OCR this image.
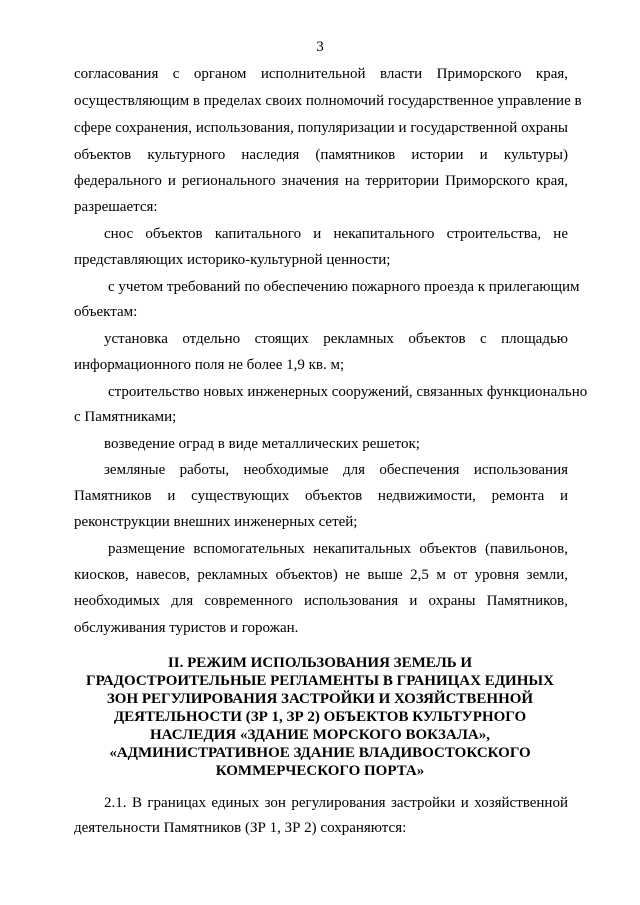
3
согласования с органом исполнительной власти Приморского края,
осуществляющим в пределах своих полномочий государственное управление в
сфере сохранения, использования, популяризации и государственной охраны
объектов культурного наследия (памятников истории и культуры)
федерального и регионального значения на территории Приморского края,
разрешается:
снос объектов капитального и некапитального строительства, не
представляющих историко-культурной ценности;
с учетом требований по обеспечению пожарного проезда к прилегающим
объектам:
установка отдельно стоящих рекламных объектов с площадью
информационного поля не более 1,9 кв. м;
строительство новых инженерных сооружений, связанных функционально
с Памятниками;
возведение оград в виде металлических решеток;
земляные работы, необходимые для обеспечения использования
Памятников и существующих объектов недвижимости, ремонта и
реконструкции внешних инженерных сетей;
размещение вспомогательных некапитальных объектов (павильонов,
киосков, навесов, рекламных объектов) не выше 2,5 м от уровня земли,
необходимых для современного использования и охраны Памятников,
обслуживания туристов и горожан.
II. РЕЖИМ ИСПОЛЬЗОВАНИЯ ЗЕМЕЛЬ И
ГРАДОСТРОИТЕЛЬНЫЕ РЕГЛАМЕНТЫ В ГРАНИЦАХ ЕДИНЫХ
ЗОН РЕГУЛИРОВАНИЯ ЗАСТРОЙКИ И ХОЗЯЙСТВЕННОЙ
ДЕЯТЕЛЬНОСТИ (ЗР 1, ЗР 2) ОБЪЕКТОВ КУЛЬТУРНОГО
НАСЛЕДИЯ «ЗДАНИЕ МОРСКОГО ВОКЗАЛА»,
«АДМИНИСТРАТИВНОЕ ЗДАНИЕ ВЛАДИВОСТОКСКОГО
КОММЕРЧЕСКОГО ПОРТА»
2.1. В границах единых зон регулирования застройки и хозяйственной
деятельности Памятников (ЗР 1, ЗР 2) сохраняются:
